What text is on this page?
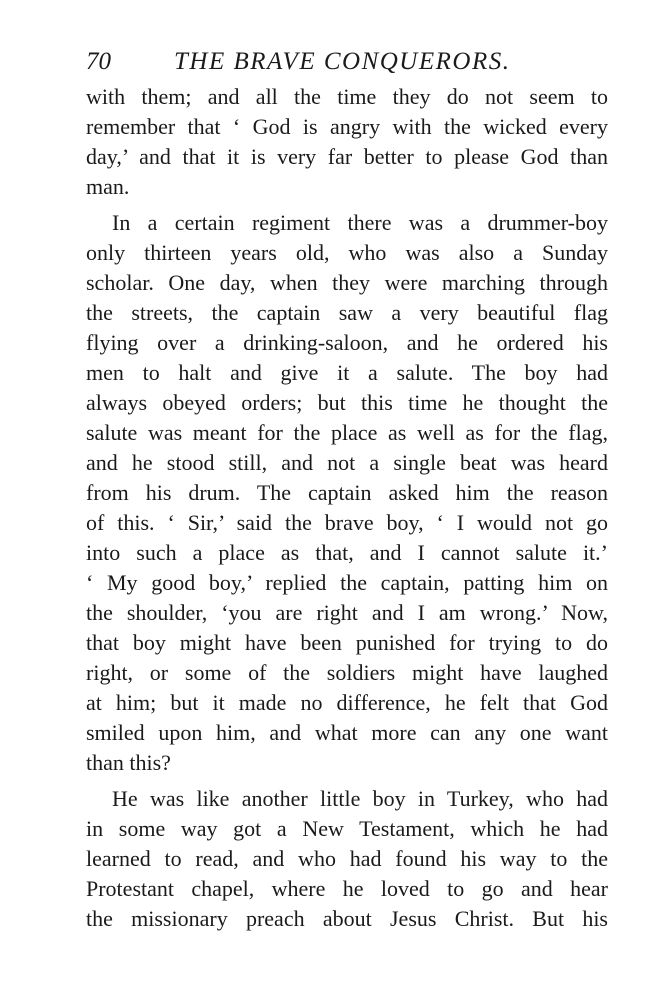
70	THE BRAVE CONQUERORS.
with them; and all the time they do not seem to
remember that ‘ God is angry with the wicked every
day,’ and that it is very far better to please God than
man.
In a certain regiment there was a drummer-boy
only thirteen years old, who was also a Sunday
scholar. One day, when they were marching through
the streets, the captain saw a very beautiful flag
flying over a drinking-saloon, and he ordered his
men to halt and give it a salute. The boy had
always obeyed orders; but this time he thought the
salute was meant for the place as well as for the flag,
and he stood still, and not a single beat was heard
from his drum. The captain asked him the reason
of this. ‘ Sir,’ said the brave boy, ‘ I would not go
into such a place as that, and I cannot salute it.’
‘ My good boy,’ replied the captain, patting him on
the shoulder, ‘you are right and I am wrong.’ Now,
that boy might have been punished for trying to do
right, or some of the soldiers might have laughed
at him; but it made no difference, he felt that God
smiled upon him, and what more can any one want
than this?
He was like another little boy in Turkey, who had
in some way got a New Testament, which he had
learned to read, and who had found his way to the
Protestant chapel, where he loved to go and hear
the missionary preach about Jesus Christ. But his
